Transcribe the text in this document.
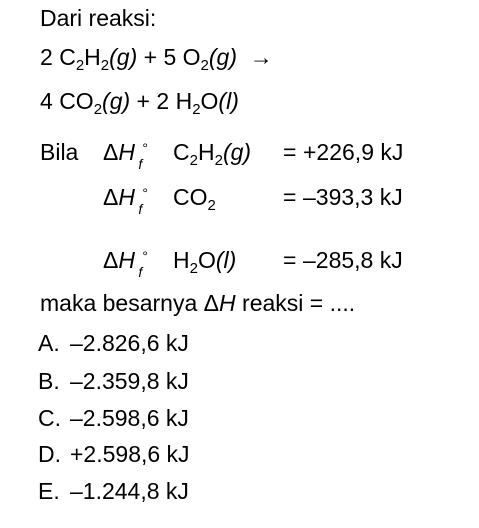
Dari reaksi:
2 $C_2H_2(g) + 5$ $O_2(g)$ →
4 $CO_2(g) + 2$ $H_2O(l)$
Bila ΔH f
° $C_2H_2(g) = +226,9$ kJ
ΔH f
° $CO_2$	= –393,3 kJ
ΔH f
° $H_2O(l) = -285,8$ kJ
maka besarnya ΔH reaksi = ....
A. –2.826,6 kJ
B. –2.359,8 kJ
C. –2.598,6 kJ
D. +2.598,6 kJ
E. –1.244,8 kJ
